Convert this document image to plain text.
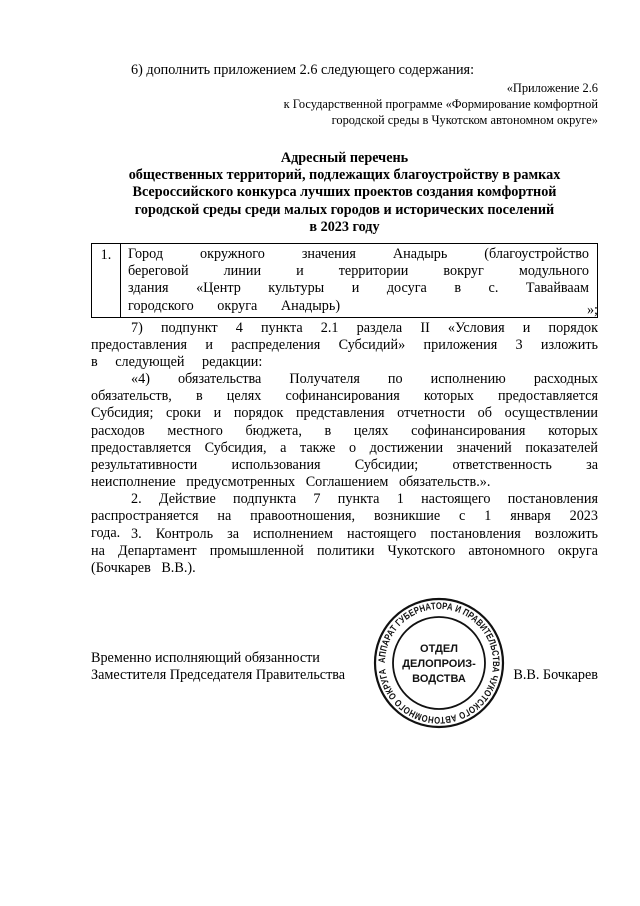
6) дополнить приложением 2.6 следующего содержания:
«Приложение 2.6
к Государственной программе «Формирование комфортной
городской среды в Чукотском автономном округе»
Адресный перечень
общественных территорий, подлежащих благоустройству в рамках
Всероссийского конкурса лучших проектов создания комфортной
городской среды среди малых городов и исторических поселений
в 2023 году
1.	Город окружного значения Анадырь (благоустройство береговой линии и территории вокруг модульного здания «Центр культуры и досуга в с. Тавайваам городского округа Анадырь)	»;
7) подпункт 4 пункта 2.1 раздела II «Условия и порядок предоставления и распределения Субсидий» приложения 3 изложить в следующей редакции:
«4) обязательства Получателя по исполнению расходных обязательств, в целях софинансирования которых предоставляется Субсидия; сроки и порядок представления отчетности об осуществлении расходов местного бюджета, в целях софинансирования которых предоставляется Субсидия, а также о достижении значений показателей результативности использования Субсидии; ответственность за неисполнение предусмотренных Соглашением обязательств.».
2. Действие подпункта 7 пункта 1 настоящего постановления распространяется на правоотношения, возникшие с 1 января 2023 года. 3. Контроль за исполнением настоящего постановления возложить на Департамент промышленной политики Чукотского автономного округа (Бочкарев В.В.).
Временно исполняющий обязанности
Заместителя Председателя Правительства
АППАРАТ ГУБЕРНАТОРА И ПРАВИТЕЛЬСТВА ЧУКОТСКОГО АВТОНОМНОГО ОКРУГА
ОТДЕЛ
ДЕЛОПРОИЗ-
ВОДСТВА	В.В. Бочкарев
